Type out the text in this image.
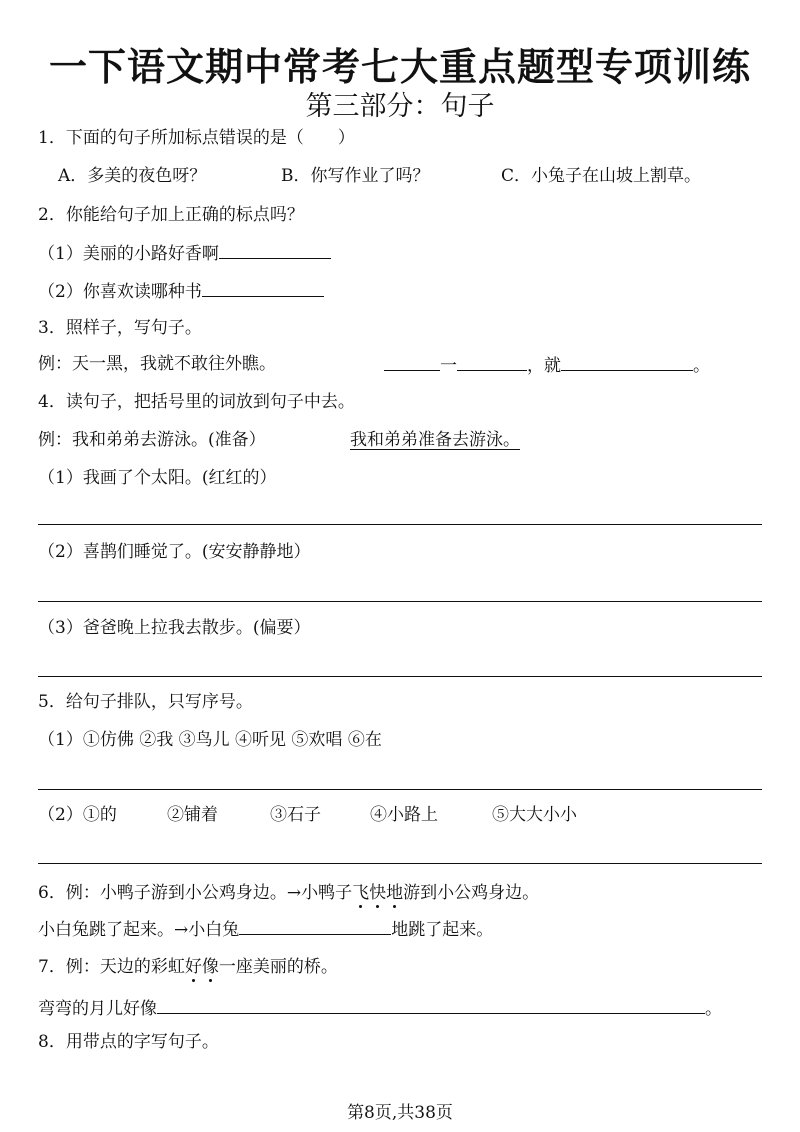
一下语文期中常考七大重点题型专项训练
第三部分：句子
1．下面的句子所加标点错误的是（　　）
A．多美的夜色呀？	B．你写作业了吗？	C．小兔子在山坡上割草。
2．你能给句子加上正确的标点吗？
（1）美丽的小路好香啊
（2）你喜欢读哪种书
3．照样子，写句子。
例：天一黑，我就不敢往外瞧。	一	，就	。
4．读句子，把括号里的词放到句子中去。
例：我和弟弟去游泳。(准备）	我和弟弟准备去游泳。
（1）我画了个太阳。(红红的）
（2）喜鹊们睡觉了。(安安静静地）
（3）爸爸晚上拉我去散步。(偏要）
5．给句子排队，只写序号。
（1）①仿佛 ②我 ③鸟儿 ④听见 ⑤欢唱 ⑥在
（2）①的	②铺着	③石子	④小路上	⑤大大小小
6．例：小鸭子游到小公鸡身边。→小鸭子飞快地游到小公鸡身边。
小白兔跳了起来。→小白兔	地跳了起来。
7．例：天边的彩虹好像一座美丽的桥。
弯弯的月儿好像	。
8．用带点的字写句子。
第8页,共38页
